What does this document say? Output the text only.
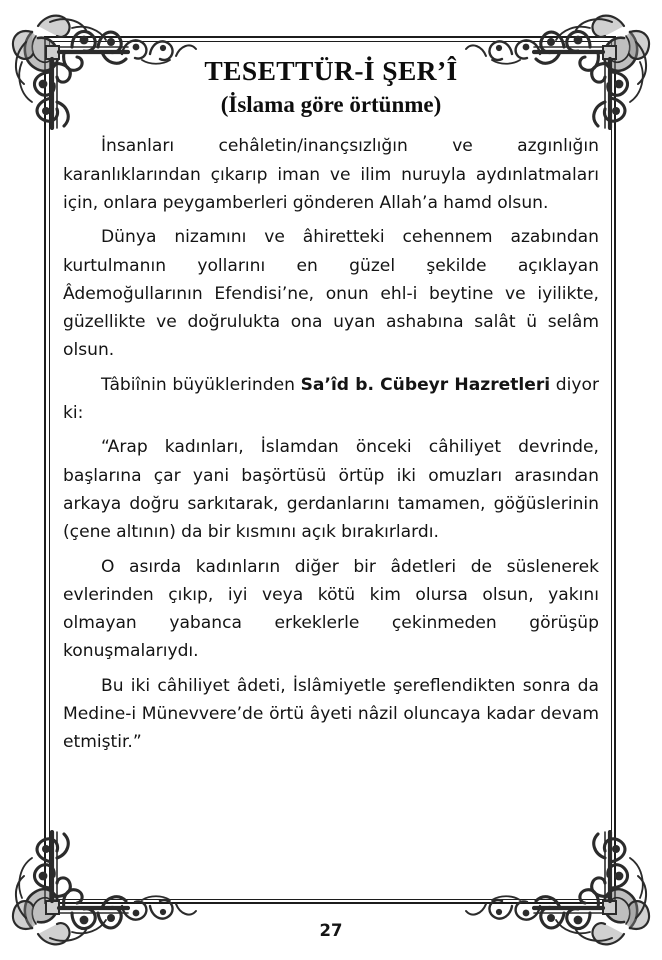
TESETTÜR-İ ŞER’Î
(İslama göre örtünme)

İnsanları cehâletin/inançsızlığın ve azgınlığın karanlıklarından çıkarıp iman ve ilim nuruyla aydınlatmaları için, onlara peygamberleri gönderen Allah’a hamd olsun.

Dünya nizamını ve âhiretteki cehennem azabından kurtulmanın yollarını en güzel şekilde açıklayan Âdemoğullarının Efendisi’ne, onun ehl-i beytine ve iyilikte, güzellikte ve doğrulukta ona uyan ashabına salât ü selâm olsun.

Tâbiînin büyüklerinden Sa’îd b. Cübeyr Hazretleri diyor ki:

“Arap kadınları, İslamdan önceki câhiliyet devrinde, başlarına çar yani başörtüsü örtüp iki omuzları arasından arkaya doğru sarkıtarak, gerdanlarını tamamen, göğüslerinin (çene altının) da bir kısmını açık bırakırlardı.

O asırda kadınların diğer bir âdetleri de süslenerek evlerinden çıkıp, iyi veya kötü kim olursa olsun, yakını olmayan yabanca erkeklerle çekinmeden görüşüp konuşmalarıydı.

Bu iki câhiliyet âdeti, İslâmiyetle şereflendikten sonra da Medine-i Münevvere’de örtü âyeti nâzil oluncaya kadar devam etmiştir.”

27
